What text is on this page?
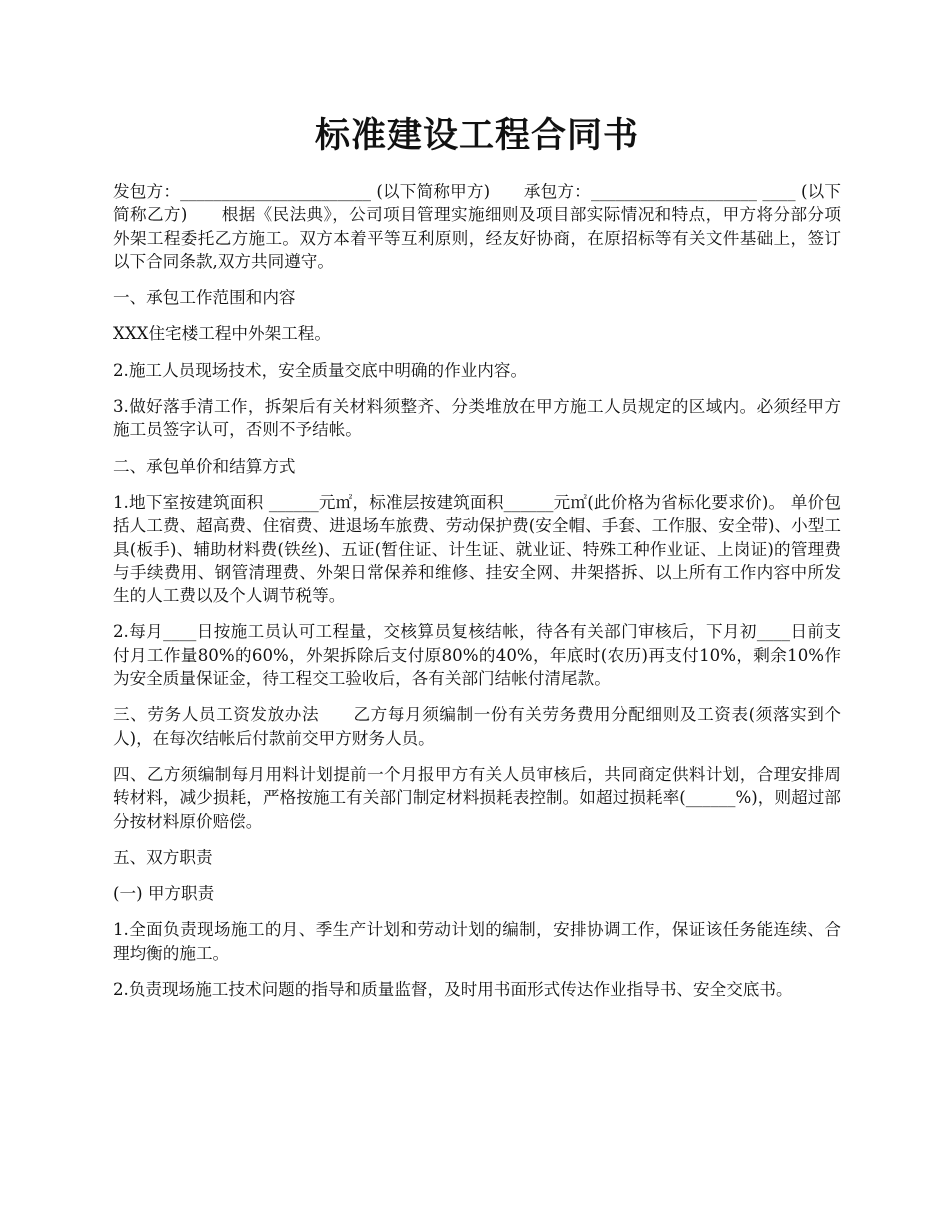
标准建设工程合同书

发包方：_______________________ (以下简称甲方)　　承包方：____________________ ____ (以下简称乙方)　　根据《民法典》，公司项目管理实施细则及项目部实际情况和特点，甲方将分部分项外架工程委托乙方施工。双方本着平等互利原则，经友好协商，在原招标等有关文件基础上，签订以下合同条款,双方共同遵守。

一、承包工作范围和内容

XXX住宅楼工程中外架工程。

2.施工人员现场技术，安全质量交底中明确的作业内容。

3.做好落手清工作，拆架后有关材料须整齐、分类堆放在甲方施工人员规定的区域内。必须经甲方施工员签字认可，否则不予结帐。

二、承包单价和结算方式

1.地下室按建筑面积 ______元㎡，标准层按建筑面积______元㎡(此价格为省标化要求价)。 单价包括人工费、超高费、住宿费、进退场车旅费、劳动保护费(安全帽、手套、工作服、安全带)、小型工具(板手)、辅助材料费(铁丝)、五证(暂住证、计生证、就业证、特殊工种作业证、上岗证)的管理费与手续费用、钢管清理费、外架日常保养和维修、挂安全网、井架搭拆、以上所有工作内容中所发生的人工费以及个人调节税等。

2.每月____日按施工员认可工程量，交核算员复核结帐，待各有关部门审核后，下月初____日前支付月工作量80%的60%，外架拆除后支付原80%的40%，年底时(农历)再支付10%，剩余10%作为安全质量保证金，待工程交工验收后，各有关部门结帐付清尾款。

三、劳务人员工资发放办法　　乙方每月须编制一份有关劳务费用分配细则及工资表(须落实到个人)，在每次结帐后付款前交甲方财务人员。

四、乙方须编制每月用料计划提前一个月报甲方有关人员审核后，共同商定供料计划，合理安排周转材料，减少损耗，严格按施工有关部门制定材料损耗表控制。如超过损耗率(______%)，则超过部分按材料原价赔偿。

五、双方职责

(一) 甲方职责

1.全面负责现场施工的月、季生产计划和劳动计划的编制，安排协调工作，保证该任务能连续、合理均衡的施工。

2.负责现场施工技术问题的指导和质量监督，及时用书面形式传达作业指导书、安全交底书。
